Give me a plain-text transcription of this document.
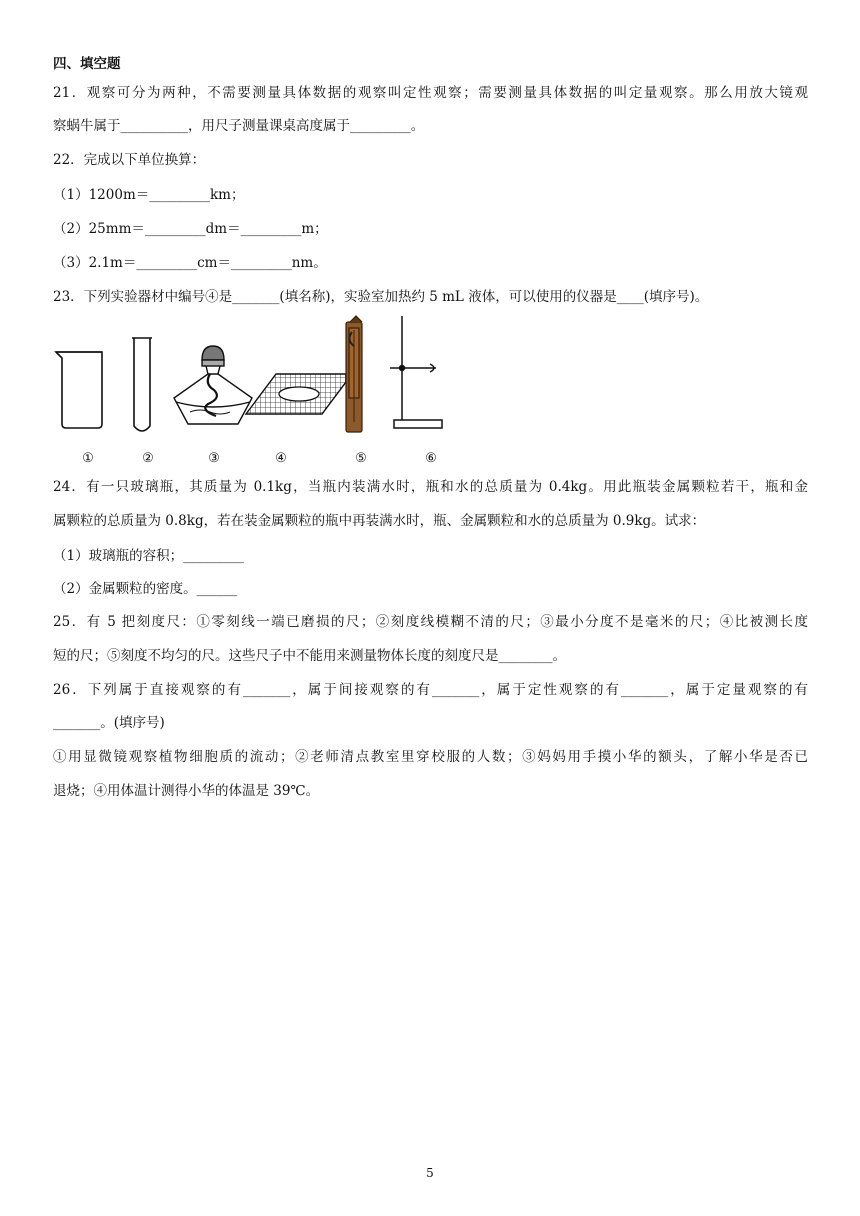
四、填空题
21．观察可分为两种，不需要测量具体数据的观察叫定性观察；需要测量具体数据的叫定量观察。那么用放大镜观
察蜗牛属于__________，用尺子测量课桌高度属于_________。
22．完成以下单位换算：
（1）1200m＝_________km；
（2）25mm＝_________dm＝_________m；
（3）2.1m＝_________cm＝_________nm。
23．下列实验器材中编号④是_______(填名称)，实验室加热约 5 mL 液体，可以使用的仪器是____(填序号)。
①	②	③	④	⑤	⑥
24．有一只玻璃瓶，其质量为 0.1kg，当瓶内装满水时，瓶和水的总质量为 0.4kg。用此瓶装金属颗粒若干，瓶和金
属颗粒的总质量为 0.8kg，若在装金属颗粒的瓶中再装满水时，瓶、金属颗粒和水的总质量为 0.9kg。试求：
（1）玻璃瓶的容积；_________
（2）金属颗粒的密度。______
25．有 5 把刻度尺：①零刻线一端已磨损的尺；②刻度线模糊不清的尺；③最小分度不是毫米的尺；④比被测长度
短的尺；⑤刻度不均匀的尺。这些尺子中不能用来测量物体长度的刻度尺是________。
26．下列属于直接观察的有_______，属于间接观察的有_______，属于定性观察的有_______，属于定量观察的有
_______。(填序号)
①用显微镜观察植物细胞质的流动；②老师清点教室里穿校服的人数；③妈妈用手摸小华的额头，了解小华是否已
退烧；④用体温计测得小华的体温是 39℃。
5
